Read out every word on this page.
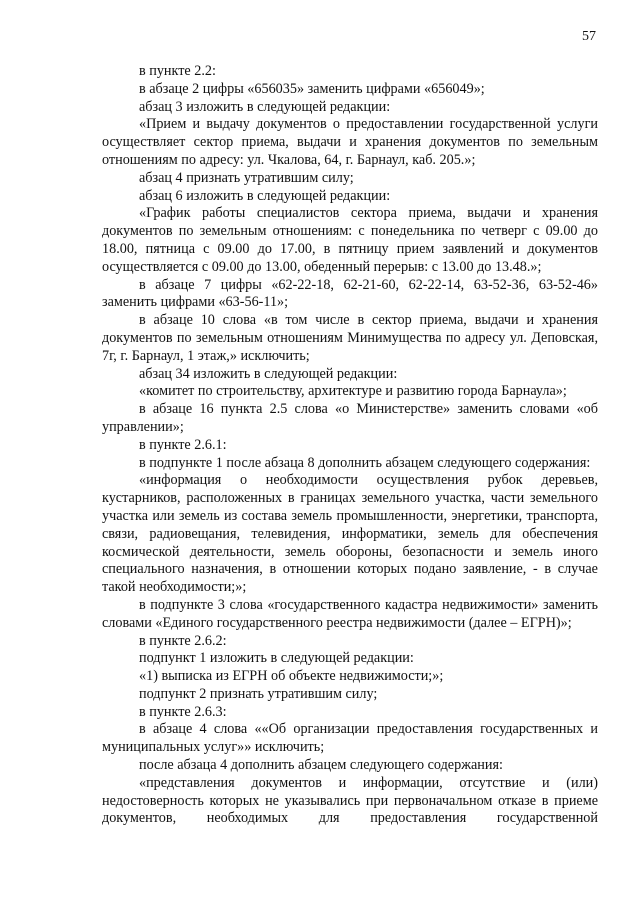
57

в пункте 2.2:

в абзаце 2 цифры «656035» заменить цифрами «656049»;

абзац 3 изложить в следующей редакции:

«Прием и выдачу документов о предоставлении государственной услуги осуществляет сектор приема, выдачи и хранения документов по земельным отношениям по адресу: ул. Чкалова, 64, г. Барнаул, каб. 205.»;

абзац 4 признать утратившим силу;

абзац 6 изложить в следующей редакции:

«График работы специалистов сектора приема, выдачи и хранения документов по земельным отношениям: с понедельника по четверг с 09.00 до 18.00, пятница с 09.00 до 17.00, в пятницу прием заявлений и документов осуществляется с 09.00 до 13.00, обеденный перерыв: с 13.00 до 13.48.»;

в абзаце 7 цифры «62-22-18, 62-21-60, 62-22-14, 63-52-36, 63-52-46» заменить цифрами «63-56-11»;

в абзаце 10 слова «в том числе в сектор приема, выдачи и хранения документов по земельным отношениям Минимущества по адресу ул. Деповская, 7г, г. Барнаул, 1 этаж,» исключить;

абзац 34 изложить в следующей редакции:

«комитет по строительству, архитектуре и развитию города Барнаула»;

в абзаце 16 пункта 2.5 слова «о Министерстве» заменить словами «об управлении»;

в пункте 2.6.1:

в подпункте 1 после абзаца 8 дополнить абзацем следующего содержания:

«информация о необходимости осуществления рубок деревьев, кустарников, расположенных в границах земельного участка, части земельного участка или земель из состава земель промышленности, энергетики, транспорта, связи, радиовещания, телевидения, информатики, земель для обеспечения космической деятельности, земель обороны, безопасности и земель иного специального назначения, в отношении которых подано заявление, - в случае такой необходимости;»;

в подпункте 3 слова «государственного кадастра недвижимости» заменить словами «Единого государственного реестра недвижимости (далее – ЕГРН)»;

в пункте 2.6.2:

подпункт 1 изложить в следующей редакции:

«1) выписка из ЕГРН об объекте недвижимости;»;

подпункт 2 признать утратившим силу;

в пункте 2.6.3:

в абзаце 4 слова ««Об организации предоставления государственных и муниципальных услуг»» исключить;

после абзаца 4 дополнить абзацем следующего содержания:

«представления документов и информации, отсутствие и (или) недостоверность которых не указывались при первоначальном отказе в приеме документов, необходимых для предоставления государственной
